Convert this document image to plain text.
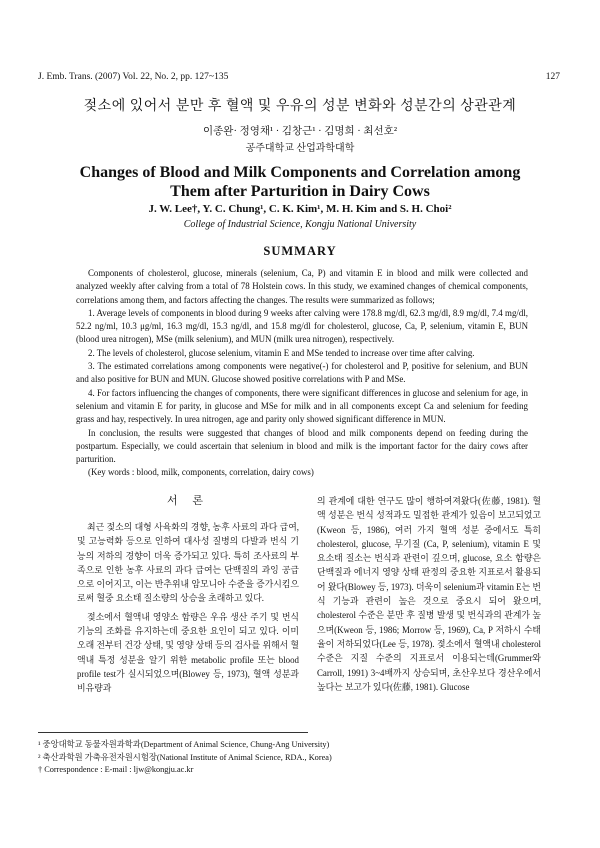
J. Emb. Trans. (2007) Vol. 22, No. 2, pp. 127~135	127
젖소에 있어서 분만 후 혈액 및 우유의 성분 변화와 성분간의 상관관계
이종완· 정영채¹ · 김창근¹ · 김명희 · 최선호²
공주대학교 산업과학대학
Changes of Blood and Milk Components and Correlation among
Them after Parturition in Dairy Cows
J. W. Lee†, Y. C. Chung¹, C. K. Kim¹, M. H. Kim and S. H. Choi²
College of Industrial Science, Kongju National University
SUMMARY

Components of cholesterol, glucose, minerals (selenium, Ca, P) and vitamin E in blood and milk were collected and analyzed weekly after calving from a total of 78 Holstein cows. In this study, we examined changes of chemical components, correlations among them, and factors affecting the changes. The results were summarized as follows;

1. Average levels of components in blood during 9 weeks after calving were 178.8 mg/dl, 62.3 mg/dl, 8.9 mg/dl, 7.4 mg/dl, 52.2 ng/ml, 10.3 μg/ml, 16.3 mg/dl, 15.3 ng/dl, and 15.8 mg/dl for cholesterol, glucose, Ca, P, selenium, vitamin E, BUN (blood urea nitrogen), MSe (milk selenium), and MUN (milk urea nitrogen), respectively.

2. The levels of cholesterol, glucose selenium, vitamin E and MSe tended to increase over time after calving.

3. The estimated correlations among components were negative(-) for cholesterol and P, positive for selenium, and BUN and also positive for BUN and MUN. Glucose showed positive correlations with P and MSe.

4. For factors influencing the changes of components, there were significant differences in glucose and selenium for age, in selenium and vitamin E for parity, in glucose and MSe for milk and in all components except Ca and selenium for feeding grass and hay, respectively. In urea nitrogen, age and parity only showed significant difference in MUN.

In conclusion, the results were suggested that changes of blood and milk components depend on feeding during the postpartum. Especially, we could ascertain that selenium in blood and milk is the important factor for the dairy cows after parturition.

(Key words : blood, milk, components, correlation, dairy cows)

서 론

최근 젖소의 대형 사육화의 경향, 농후 사료의 과다 급여, 및 고능력화 등으로 인하여 대사성 질병의 다발과 번식 기능의 저하의 경향이 더욱 증가되고 있다. 특히 조사료의 부족으로 인한 농후 사료의 과다 급여는 단백질의 과잉 공급으로 이어지고, 이는 반추위내 암모니아 수준을 증가시킴으로써 혈중 요소태 질소량의 상승을 초래하고 있다.

젖소에서 혈액내 영양소 함량은 우유 생산 주기 및 번식 기능의 조화를 유지하는데 중요한 요인이 되고 있다. 이미 오래 전부터 건강 상태, 및 영양 상태 등의 검사를 위해서 혈액내 특정 성분을 알기 위한 metabolic profile 또는 blood profile test가 실시되었으며(Blowey 등, 1973), 혈액 성분과 비유량과

의 관계에 대한 연구도 많이 행하여져왔다(佐藤, 1981). 혈액 성분은 번식 성적과도 밀접한 관계가 있음이 보고되었고(Kweon 등, 1986), 여러 가지 혈액 성분 중에서도 특히 cholesterol, glucose, 무기질 (Ca, P, selenium), vitamin E 및 요소태 질소는 번식과 관련이 깊으며, glucose, 요소 함량은 단백질과 에너지 영양 상태 판정의 중요한 지표로서 활용되어 왔다(Blowey 등, 1973). 더욱이 selenium과 vitamin E는 번식 기능과 관련이 높은 것으로 중요시 되어 왔으며, cholesterol 수준은 분만 후 질병 발생 및 번식과의 관계가 높으며(Kweon 등, 1986; Morrow 등, 1969), Ca, P 저하시 수태율이 저하되었다(Lee 등, 1978). 젖소에서 혈액내 cholesterol 수준은 지질 수준의 지표로서 이용되는데(Grummer와 Carroll, 1991) 3~4배까지 상승되며, 초산우보다 경산우에서 높다는 보고가 있다(佐藤, 1981). Glucose

¹ 중앙대학교 동물자원과학과(Department of Animal Science, Chung-Ang University)
² 축산과학원 가축유전자원시험장(National Institute of Animal Science, RDA., Korea)
† Correspondence : E-mail : ljw@kongju.ac.kr
